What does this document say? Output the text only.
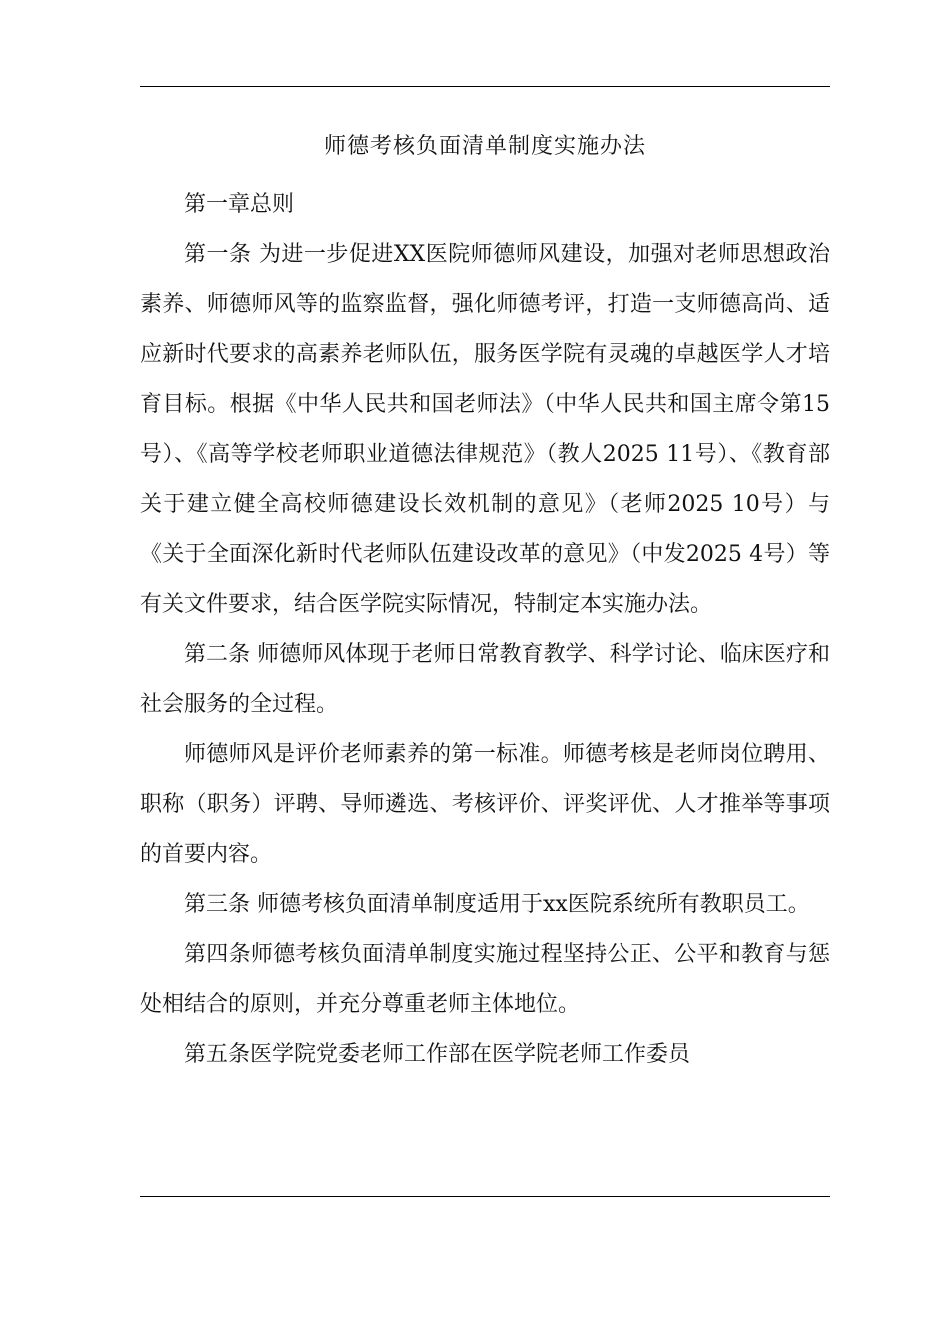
师德考核负面清单制度实施办法

第一章总则

第一条 为进一步促进XX医院师德师风建设，加强对老师思想政治素养、师德师风等的监察监督，强化师德考评，打造一支师德高尚、适应新时代要求的高素养老师队伍，服务医学院有灵魂的卓越医学人才培育目标。根据《中华人民共和国老师法》（中华人民共和国主席令第15号）、《高等学校老师职业道德法律规范》（教人2025 11号）、《教育部关于建立健全高校师德建设长效机制的意见》（老师2025 10号）与《关于全面深化新时代老师队伍建设改革的意见》（中发2025 4号）等有关文件要求，结合医学院实际情况，特制定本实施办法。

第二条 师德师风体现于老师日常教育教学、科学讨论、临床医疗和社会服务的全过程。

师德师风是评价老师素养的第一标准。师德考核是老师岗位聘用、职称（职务）评聘、导师遴选、考核评价、评奖评优、人才推举等事项的首要内容。

第三条 师德考核负面清单制度适用于xx医院系统所有教职员工。

第四条师德考核负面清单制度实施过程坚持公正、公平和教育与惩处相结合的原则，并充分尊重老师主体地位。

第五条医学院党委老师工作部在医学院老师工作委员
